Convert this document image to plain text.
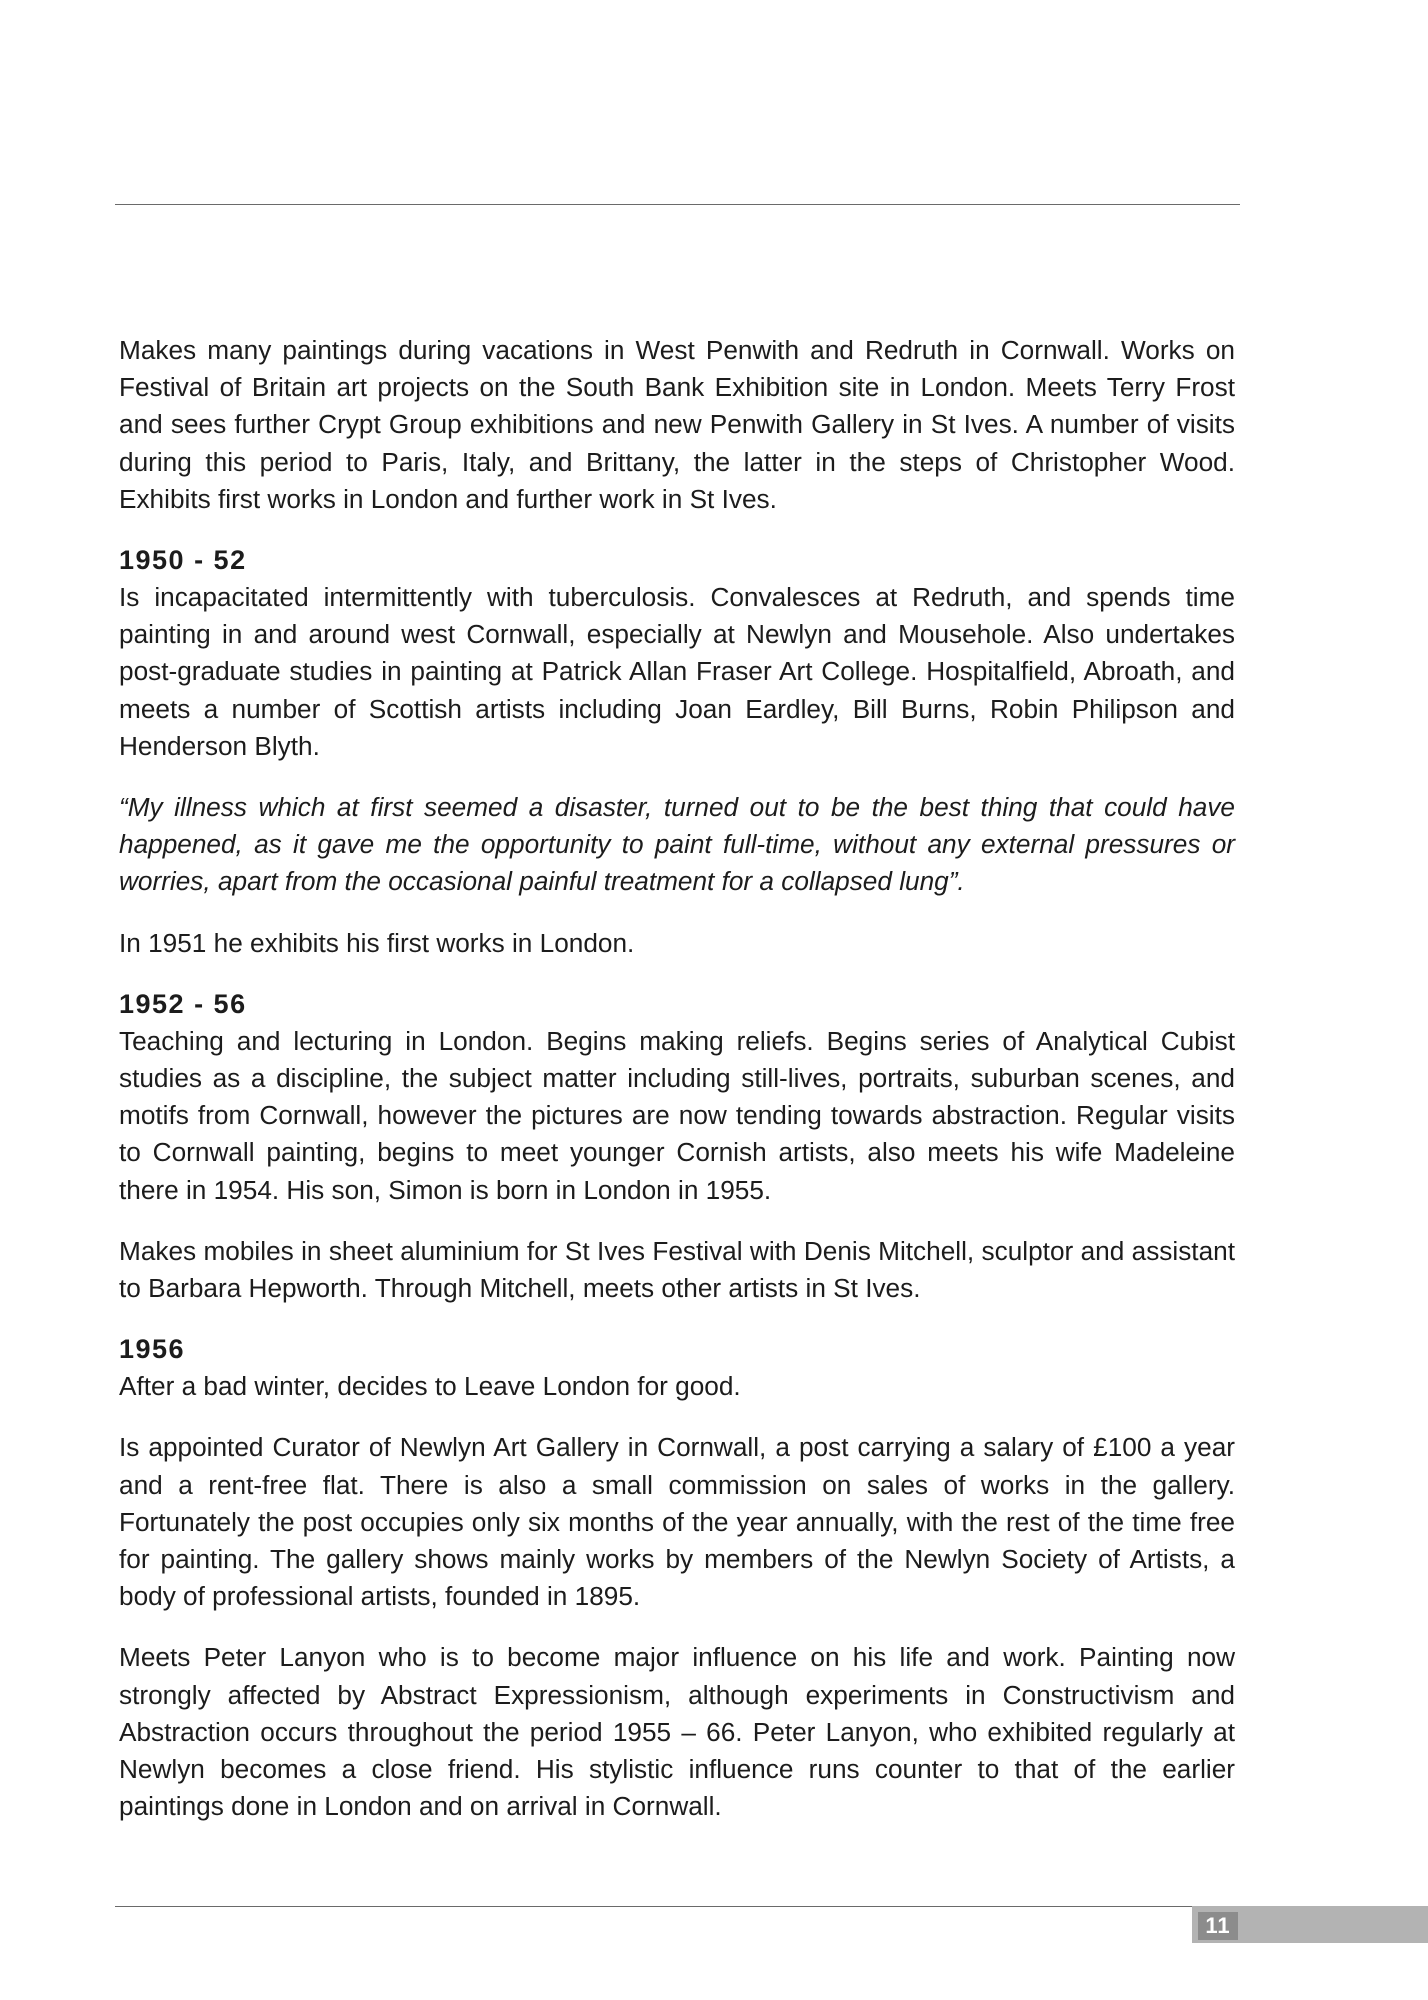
Makes many paintings during vacations in West Penwith and Redruth in Cornwall. Works on Festival of Britain art projects on the South Bank Exhibition site in London. Meets Terry Frost and sees further Crypt Group exhibitions and new Penwith Gallery in St Ives. A number of visits during this period to Paris, Italy, and Brittany, the latter in the steps of Christopher Wood. Exhibits first works in London and further work in St Ives.

1950 - 52

Is incapacitated intermittently with tuberculosis. Convalesces at Redruth, and spends time painting in and around west Cornwall, especially at Newlyn and Mousehole. Also undertakes post-graduate studies in painting at Patrick Allan Fraser Art College. Hospitalfield, Abroath, and meets a number of Scottish artists including Joan Eardley, Bill Burns, Robin Philipson and Henderson Blyth.

“My illness which at first seemed a disaster, turned out to be the best thing that could have happened, as it gave me the opportunity to paint full-time, without any external pressures or worries, apart from the occasional painful treatment for a collapsed lung”.

In 1951 he exhibits his first works in London.

1952 - 56

Teaching and lecturing in London. Begins making reliefs. Begins series of Analytical Cubist studies as a discipline, the subject matter including still-lives, portraits, suburban scenes, and motifs from Cornwall, however the pictures are now tending towards abstraction. Regular visits to Cornwall painting, begins to meet younger Cornish artists, also meets his wife Madeleine there in 1954. His son, Simon is born in London in 1955.

Makes mobiles in sheet aluminium for St Ives Festival with Denis Mitchell, sculptor and assistant to Barbara Hepworth. Through Mitchell, meets other artists in St Ives.

1956

After a bad winter, decides to Leave London for good.

Is appointed Curator of Newlyn Art Gallery in Cornwall, a post carrying a salary of £100 a year and a rent-free flat. There is also a small commission on sales of works in the gallery. Fortunately the post occupies only six months of the year annually, with the rest of the time free for painting. The gallery shows mainly works by members of the Newlyn Society of Artists, a body of professional artists, founded in 1895.

Meets Peter Lanyon who is to become major influence on his life and work. Painting now strongly affected by Abstract Expressionism, although experiments in Constructivism and Abstraction occurs throughout the period 1955 – 66. Peter Lanyon, who exhibited regularly at Newlyn becomes a close friend. His stylistic influence runs counter to that of the earlier paintings done in London and on arrival in Cornwall.

11
